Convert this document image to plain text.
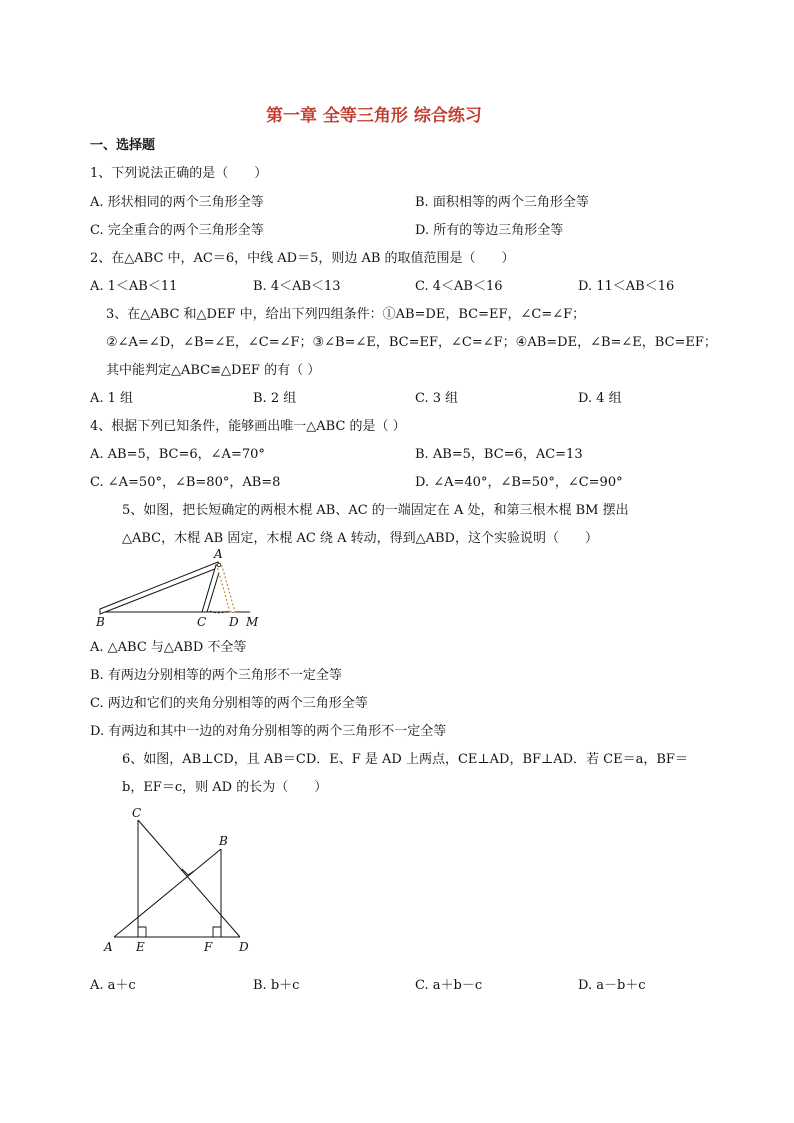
第一章 全等三角形 综合练习
一、选择题
1、下列说法正确的是（　　）
A. 形状相同的两个三角形全等	B. 面积相等的两个三角形全等
C. 完全重合的两个三角形全等	D. 所有的等边三角形全等
2、在△ABC 中，AC＝6，中线 AD＝5，则边 AB 的取值范围是（　　）
A. 1＜AB＜11	B. 4＜AB＜13	C. 4＜AB＜16	D. 11＜AB＜16
3、在△ABC 和△DEF 中，给出下列四组条件：①AB=DE，BC=EF，∠C=∠F；
②∠A=∠D，∠B=∠E，∠C=∠F；③∠B=∠E，BC=EF，∠C=∠F；④AB=DE，∠B=∠E，BC=EF；
其中能判定△ABC≌△DEF 的有（ ）
A. 1 组	B. 2 组	C. 3 组	D. 4 组
4、根据下列已知条件，能够画出唯一△ABC 的是（ ）
A. AB=5，BC=6，∠A=70°	B. AB=5，BC=6，AC=13
C. ∠A=50°，∠B=80°，AB=8	D. ∠A=40°，∠B=50°，∠C=90°
5、如图，把长短确定的两根木棍 AB、AC 的一端固定在 A 处，和第三根木棍 BM 摆出
△ABC，木棍 AB 固定，木棍 AC 绕 A 转动，得到△ABD，这个实验说明（　　）
A
B	C D M
A. △ABC 与△ABD 不全等
B. 有两边分别相等的两个三角形不一定全等
C. 两边和它们的夹角分别相等的两个三角形全等
D. 有两边和其中一边的对角分别相等的两个三角形不一定全等
6、如图，AB⊥CD，且 AB＝CD．E、F 是 AD 上两点，CE⊥AD，BF⊥AD．若 CE＝a，BF＝
b，EF＝c，则 AD 的长为（　　）
C
B
A E	F D
A. a＋c	B. b＋c	C. a＋b－c	D. a－b＋c
